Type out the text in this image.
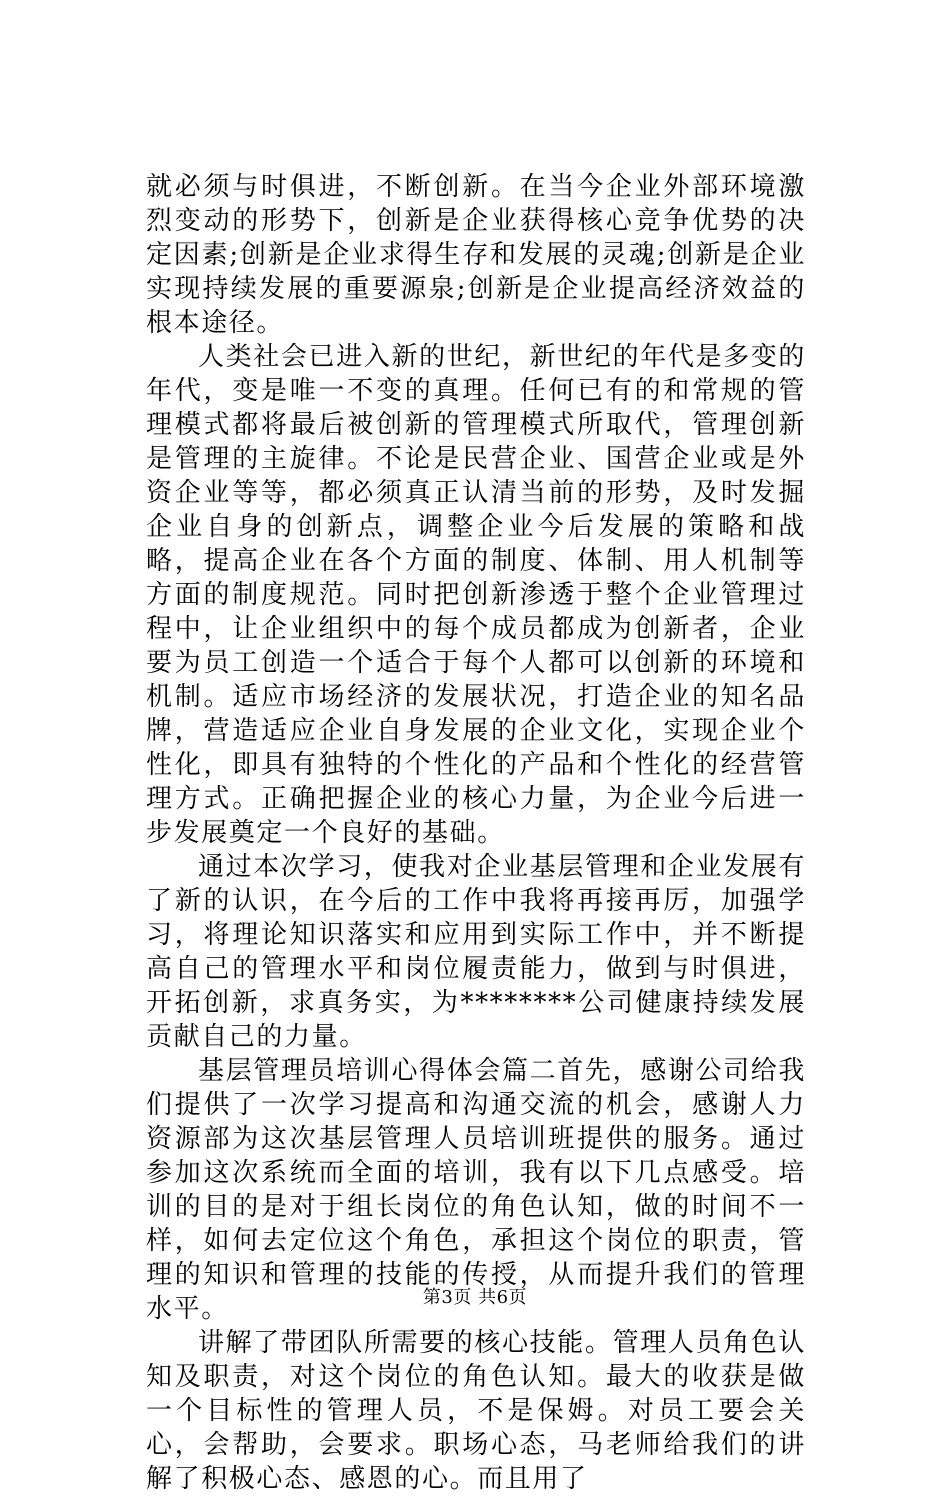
就必须与时俱进，不断创新。在当今企业外部环境激烈变动的形势下，创新是企业获得核心竞争优势的决定因素;创新是企业求得生存和发展的灵魂;创新是企业实现持续发展的重要源泉;创新是企业提高经济效益的根本途径。

人类社会已进入新的世纪，新世纪的年代是多变的年代，变是唯一不变的真理。任何已有的和常规的管理模式都将最后被创新的管理模式所取代，管理创新是管理的主旋律。不论是民营企业、国营企业或是外资企业等等，都必须真正认清当前的形势，及时发掘企业自身的创新点，调整企业今后发展的策略和战略，提高企业在各个方面的制度、体制、用人机制等方面的制度规范。同时把创新渗透于整个企业管理过程中，让企业组织中的每个成员都成为创新者，企业要为员工创造一个适合于每个人都可以创新的环境和机制。适应市场经济的发展状况，打造企业的知名品牌，营造适应企业自身发展的企业文化，实现企业个性化，即具有独特的个性化的产品和个性化的经营管理方式。正确把握企业的核心力量，为企业今后进一步发展奠定一个良好的基础。

通过本次学习，使我对企业基层管理和企业发展有了新的认识，在今后的工作中我将再接再厉，加强学习，将理论知识落实和应用到实际工作中，并不断提高自己的管理水平和岗位履责能力，做到与时俱进，开拓创新，求真务实，为********公司健康持续发展贡献自己的力量。

基层管理员培训心得体会篇二首先，感谢公司给我们提供了一次学习提高和沟通交流的机会，感谢人力资源部为这次基层管理人员培训班提供的服务。通过参加这次系统而全面的培训，我有以下几点感受。培训的目的是对于组长岗位的角色认知，做的时间不一样，如何去定位这个角色，承担这个岗位的职责，管理的知识和管理的技能的传授，从而提升我们的管理水平。

讲解了带团队所需要的核心技能。管理人员角色认知及职责，对这个岗位的角色认知。最大的收获是做一个目标性的管理人员，不是保姆。对员工要会关心，会帮助，会要求。职场心态，马老师给我们的讲解了积极心态、感恩的心。而且用了

第3页 共6页
